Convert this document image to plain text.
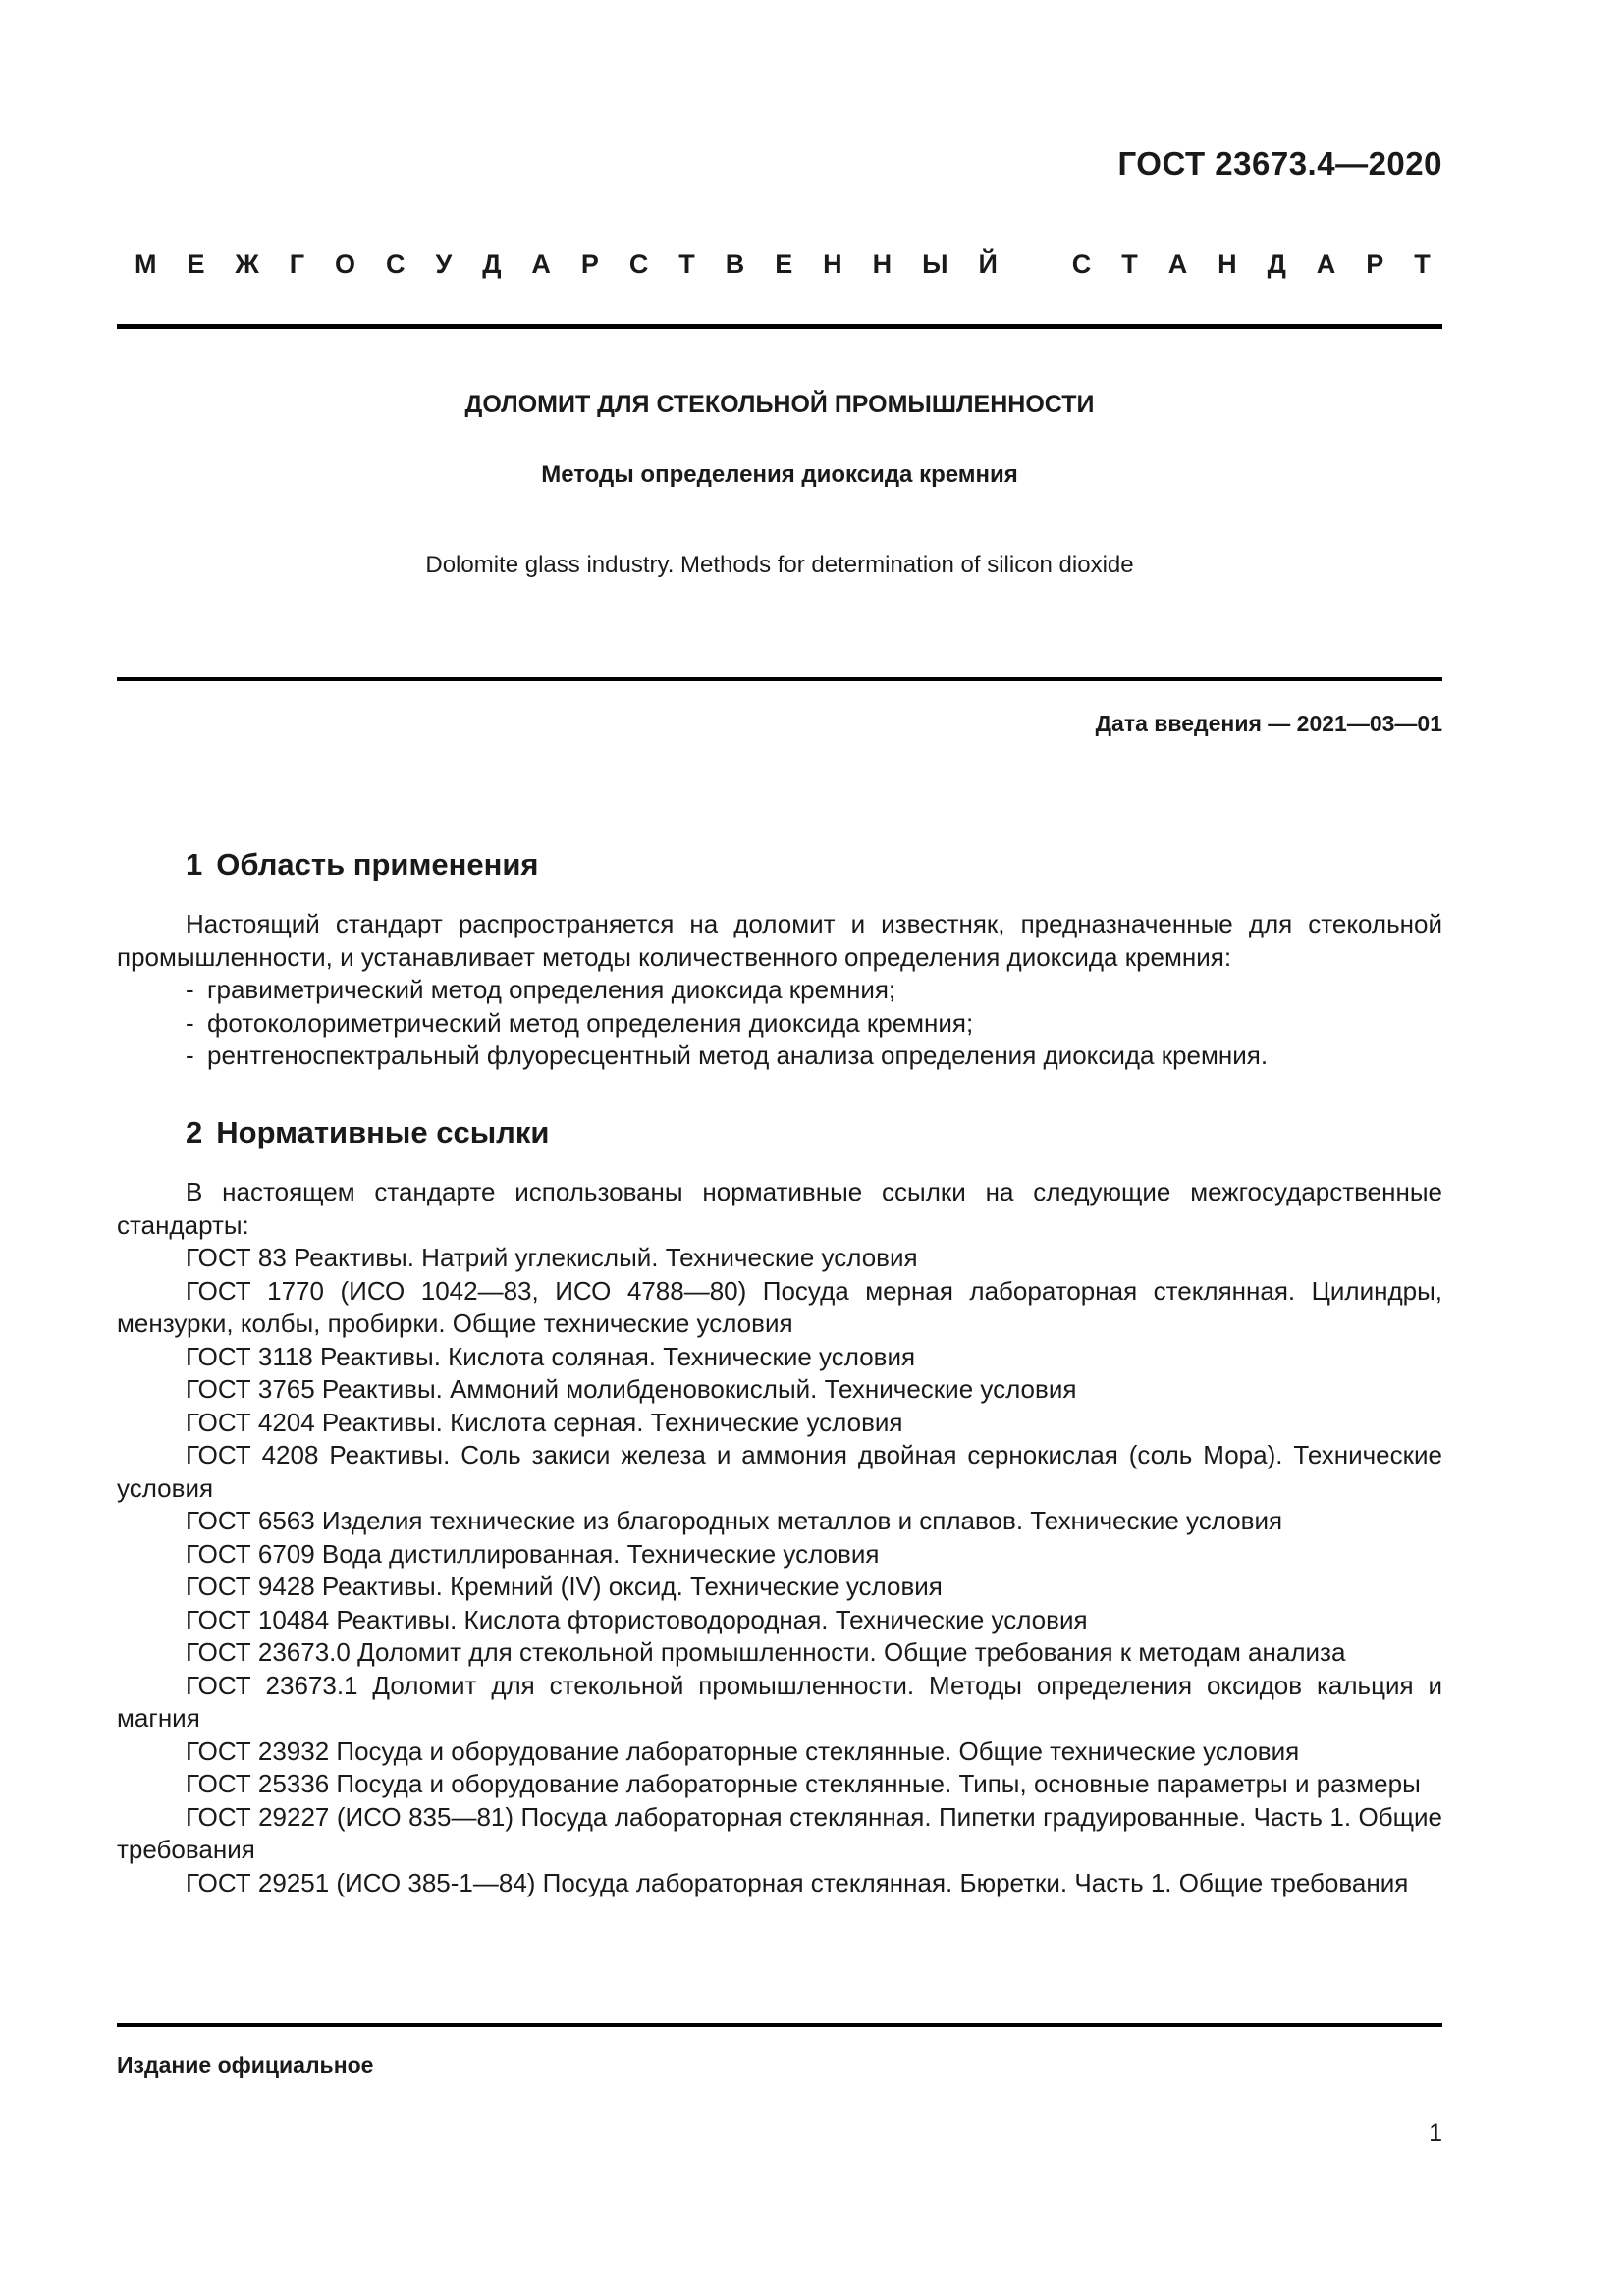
ГОСТ 23673.4—2020
М Е Ж Г О С У Д А Р С Т В Е Н Н Ы Й	С Т А Н Д А Р Т
ДОЛОМИТ ДЛЯ СТЕКОЛЬНОЙ ПРОМЫШЛЕННОСТИ
Методы определения диоксида кремния
Dolomite glass industry. Methods for determination of silicon dioxide
Дата введения — 2021—03—01
1 Область применения

Настоящий стандарт распространяется на доломит и известняк, предназначенные для стекольной промышленности, и устанавливает методы количественного определения диоксида кремния:

- гравиметрический метод определения диоксида кремния;

- фотоколориметрический метод определения диоксида кремния;

- рентгеноспектральный флуоресцентный метод анализа определения диоксида кремния.

2 Нормативные ссылки

В настоящем стандарте использованы нормативные ссылки на следующие межгосударственные стандарты:

ГОСТ 83 Реактивы. Натрий углекислый. Технические условия

ГОСТ 1770 (ИСО 1042—83, ИСО 4788—80) Посуда мерная лабораторная стеклянная. Цилиндры, мензурки, колбы, пробирки. Общие технические условия

ГОСТ 3118 Реактивы. Кислота соляная. Технические условия

ГОСТ 3765 Реактивы. Аммоний молибденовокислый. Технические условия

ГОСТ 4204 Реактивы. Кислота серная. Технические условия

ГОСТ 4208 Реактивы. Соль закиси железа и аммония двойная сернокислая (соль Мора). Технические условия

ГОСТ 6563 Изделия технические из благородных металлов и сплавов. Технические условия

ГОСТ 6709 Вода дистиллированная. Технические условия

ГОСТ 9428 Реактивы. Кремний (IV) оксид. Технические условия

ГОСТ 10484 Реактивы. Кислота фтористоводородная. Технические условия

ГОСТ 23673.0 Доломит для стекольной промышленности. Общие требования к методам анализа

ГОСТ 23673.1 Доломит для стекольной промышленности. Методы определения оксидов кальция и магния

ГОСТ 23932 Посуда и оборудование лабораторные стеклянные. Общие технические условия

ГОСТ 25336 Посуда и оборудование лабораторные стеклянные. Типы, основные параметры и размеры

ГОСТ 29227 (ИСО 835—81) Посуда лабораторная стеклянная. Пипетки градуированные. Часть 1. Общие требования

ГОСТ 29251 (ИСО 385-1—84) Посуда лабораторная стеклянная. Бюретки. Часть 1. Общие требования

Издание официальное
1
